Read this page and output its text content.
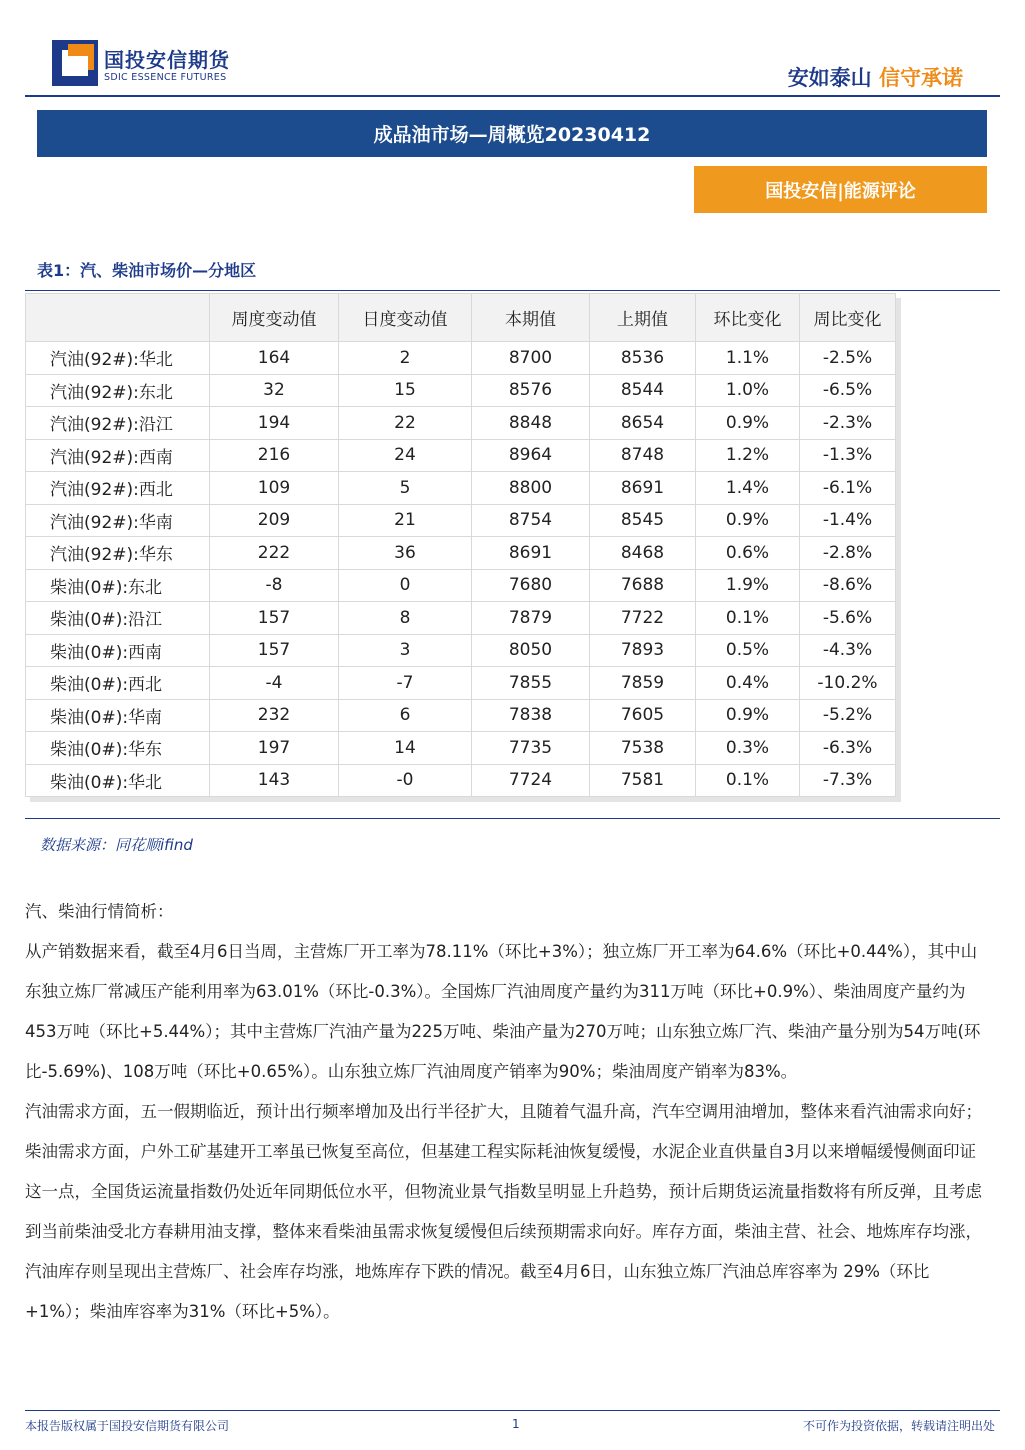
国投安信期货
SDIC ESSENCE FUTURES	安如泰山 信守承诺
成品油市场—周概览20230412
国投安信|能源评论
表1：汽、柴油市场价—分地区
	周度变动值	日度变动值	本期值	上期值	环比变化	周比变化
汽油(92#):华北	164	2	8700	8536	1.1%	-2.5%
汽油(92#):东北	32	15	8576	8544	1.0%	-6.5%
汽油(92#):沿江	194	22	8848	8654	0.9%	-2.3%
汽油(92#):西南	216	24	8964	8748	1.2%	-1.3%
汽油(92#):西北	109	5	8800	8691	1.4%	-6.1%
汽油(92#):华南	209	21	8754	8545	0.9%	-1.4%
汽油(92#):华东	222	36	8691	8468	0.6%	-2.8%
柴油(0#):东北	-8	0	7680	7688	1.9%	-8.6%
柴油(0#):沿江	157	8	7879	7722	0.1%	-5.6%
柴油(0#):西南	157	3	8050	7893	0.5%	-4.3%
柴油(0#):西北	-4	-7	7855	7859	0.4%	-10.2%
柴油(0#):华南	232	6	7838	7605	0.9%	-5.2%
柴油(0#):华东	197	14	7735	7538	0.3%	-6.3%
柴油(0#):华北	143	-0	7724	7581	0.1%	-7.3%
数据来源：同花顺ifind

汽、柴油行情简析：

从产销数据来看，截至4月6日当周，主营炼厂开工率为78.11%（环比+3%）；独立炼厂开工率为64.6%（环比+0.44%），其中山东独立炼厂常减压产能利用率为63.01%（环比-0.3%）。全国炼厂汽油周度产量约为311万吨（环比+0.9%）、柴油周度产量约为453万吨（环比+5.44%）；其中主营炼厂汽油产量为225万吨、柴油产量为270万吨；山东独立炼厂汽、柴油产量分别为54万吨(环比-5.69%)、108万吨（环比+0.65%）。山东独立炼厂汽油周度产销率为90%；柴油周度产销率为83%。

汽油需求方面，五一假期临近，预计出行频率增加及出行半径扩大，且随着气温升高，汽车空调用油增加，整体来看汽油需求向好；柴油需求方面，户外工矿基建开工率虽已恢复至高位，但基建工程实际耗油恢复缓慢，水泥企业直供量自3月以来增幅缓慢侧面印证这一点，全国货运流量指数仍处近年同期低位水平，但物流业景气指数呈明显上升趋势，预计后期货运流量指数将有所反弹，且考虑到当前柴油受北方春耕用油支撑，整体来看柴油虽需求恢复缓慢但后续预期需求向好。库存方面，柴油主营、社会、地炼库存均涨，汽油库存则呈现出主营炼厂、社会库存均涨，地炼库存下跌的情况。截至4月6日，山东独立炼厂汽油总库容率为 29%（环比+1%）；柴油库容率为31%（环比+5%）。

本报告版权属于国投安信期货有限公司	1	不可作为投资依据，转载请注明出处
